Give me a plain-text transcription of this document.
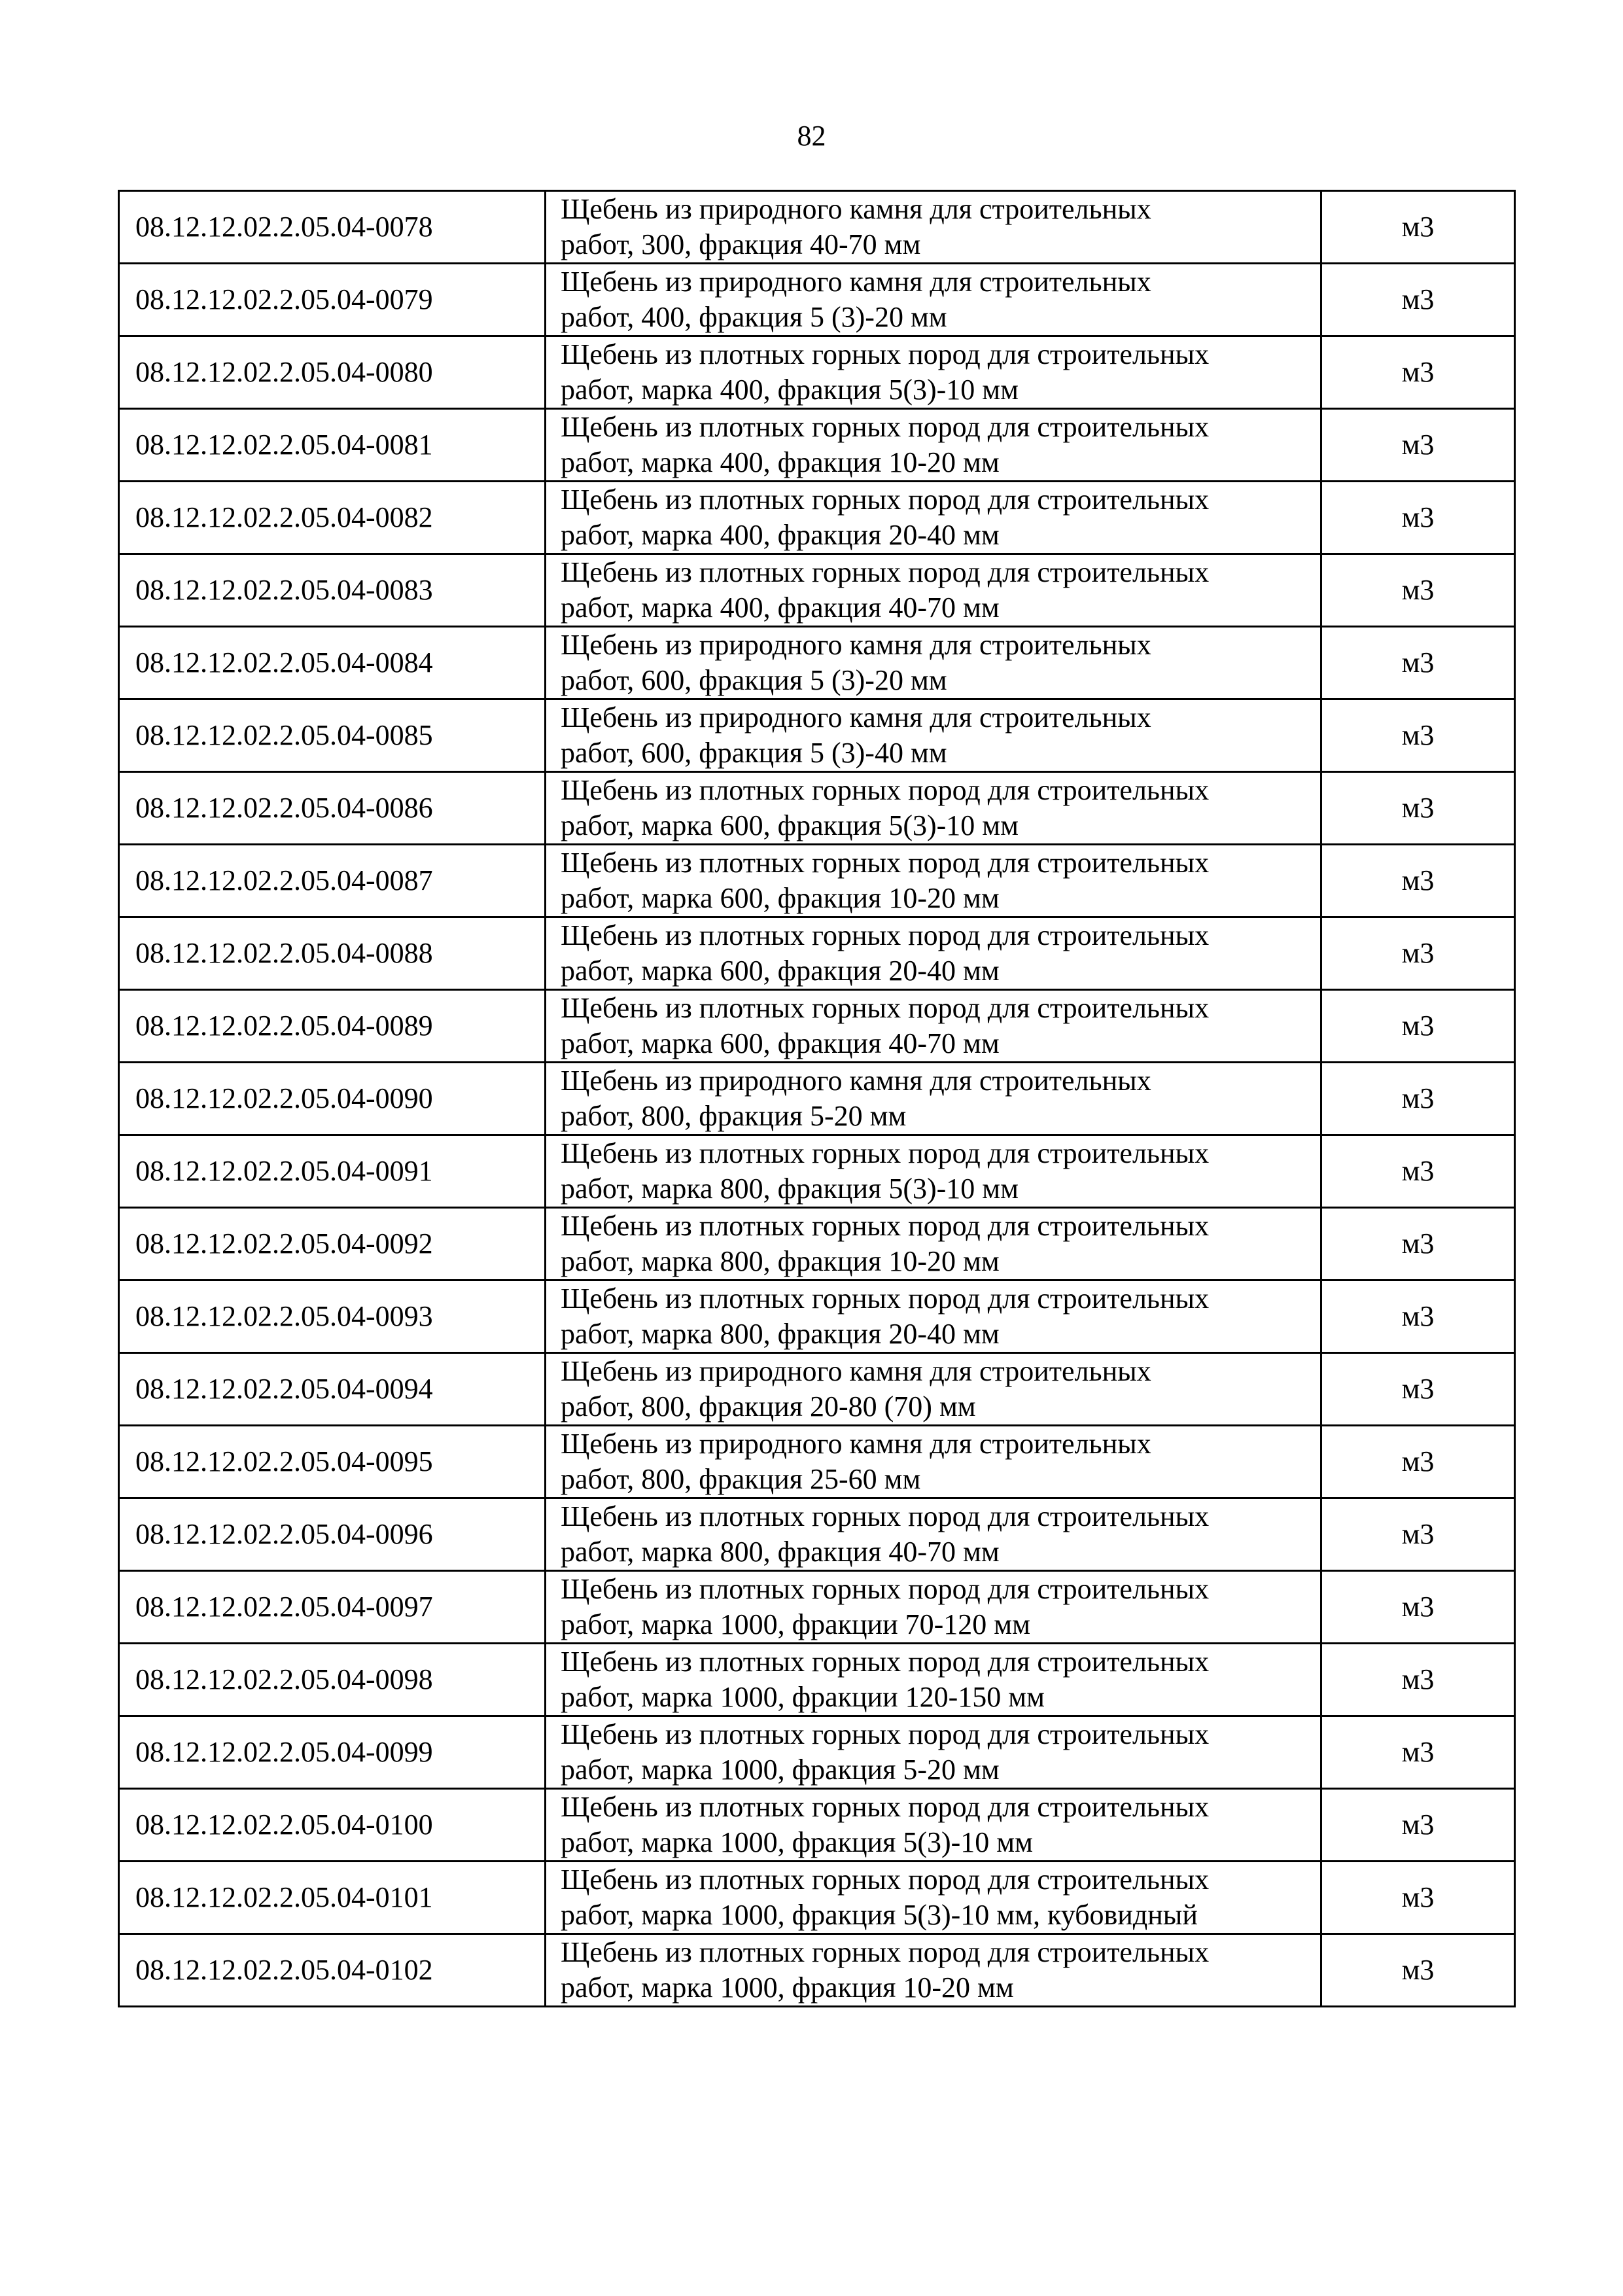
82
08.12.12.02.2.05.04-0078	Щебень из природного камня для строительных
работ, 300, фракция 40-70 мм	м3
08.12.12.02.2.05.04-0079	Щебень из природного камня для строительных
работ, 400, фракция 5 (3)-20 мм	м3
08.12.12.02.2.05.04-0080	Щебень из плотных горных пород для строительных
работ, марка 400, фракция 5(3)-10 мм	м3
08.12.12.02.2.05.04-0081	Щебень из плотных горных пород для строительных
работ, марка 400, фракция 10-20 мм	м3
08.12.12.02.2.05.04-0082	Щебень из плотных горных пород для строительных
работ, марка 400, фракция 20-40 мм	м3
08.12.12.02.2.05.04-0083	Щебень из плотных горных пород для строительных
работ, марка 400, фракция 40-70 мм	м3
08.12.12.02.2.05.04-0084	Щебень из природного камня для строительных
работ, 600, фракция 5 (3)-20 мм	м3
08.12.12.02.2.05.04-0085	Щебень из природного камня для строительных
работ, 600, фракция 5 (3)-40 мм	м3
08.12.12.02.2.05.04-0086	Щебень из плотных горных пород для строительных
работ, марка 600, фракция 5(3)-10 мм	м3
08.12.12.02.2.05.04-0087	Щебень из плотных горных пород для строительных
работ, марка 600, фракция 10-20 мм	м3
08.12.12.02.2.05.04-0088	Щебень из плотных горных пород для строительных
работ, марка 600, фракция 20-40 мм	м3
08.12.12.02.2.05.04-0089	Щебень из плотных горных пород для строительных
работ, марка 600, фракция 40-70 мм	м3
08.12.12.02.2.05.04-0090	Щебень из природного камня для строительных
работ, 800, фракция 5-20 мм	м3
08.12.12.02.2.05.04-0091	Щебень из плотных горных пород для строительных
работ, марка 800, фракция 5(3)-10 мм	м3
08.12.12.02.2.05.04-0092	Щебень из плотных горных пород для строительных
работ, марка 800, фракция 10-20 мм	м3
08.12.12.02.2.05.04-0093	Щебень из плотных горных пород для строительных
работ, марка 800, фракция 20-40 мм	м3
08.12.12.02.2.05.04-0094	Щебень из природного камня для строительных
работ, 800, фракция 20-80 (70) мм	м3
08.12.12.02.2.05.04-0095	Щебень из природного камня для строительных
работ, 800, фракция 25-60 мм	м3
08.12.12.02.2.05.04-0096	Щебень из плотных горных пород для строительных
работ, марка 800, фракция 40-70 мм	м3
08.12.12.02.2.05.04-0097	Щебень из плотных горных пород для строительных
работ, марка 1000, фракции 70-120 мм	м3
08.12.12.02.2.05.04-0098	Щебень из плотных горных пород для строительных
работ, марка 1000, фракции 120-150 мм	м3
08.12.12.02.2.05.04-0099	Щебень из плотных горных пород для строительных
работ, марка 1000, фракция 5-20 мм	м3
08.12.12.02.2.05.04-0100	Щебень из плотных горных пород для строительных
работ, марка 1000, фракция 5(3)-10 мм	м3
08.12.12.02.2.05.04-0101	Щебень из плотных горных пород для строительных
работ, марка 1000, фракция 5(3)-10 мм, кубовидный	м3
08.12.12.02.2.05.04-0102	Щебень из плотных горных пород для строительных
работ, марка 1000, фракция 10-20 мм	м3
